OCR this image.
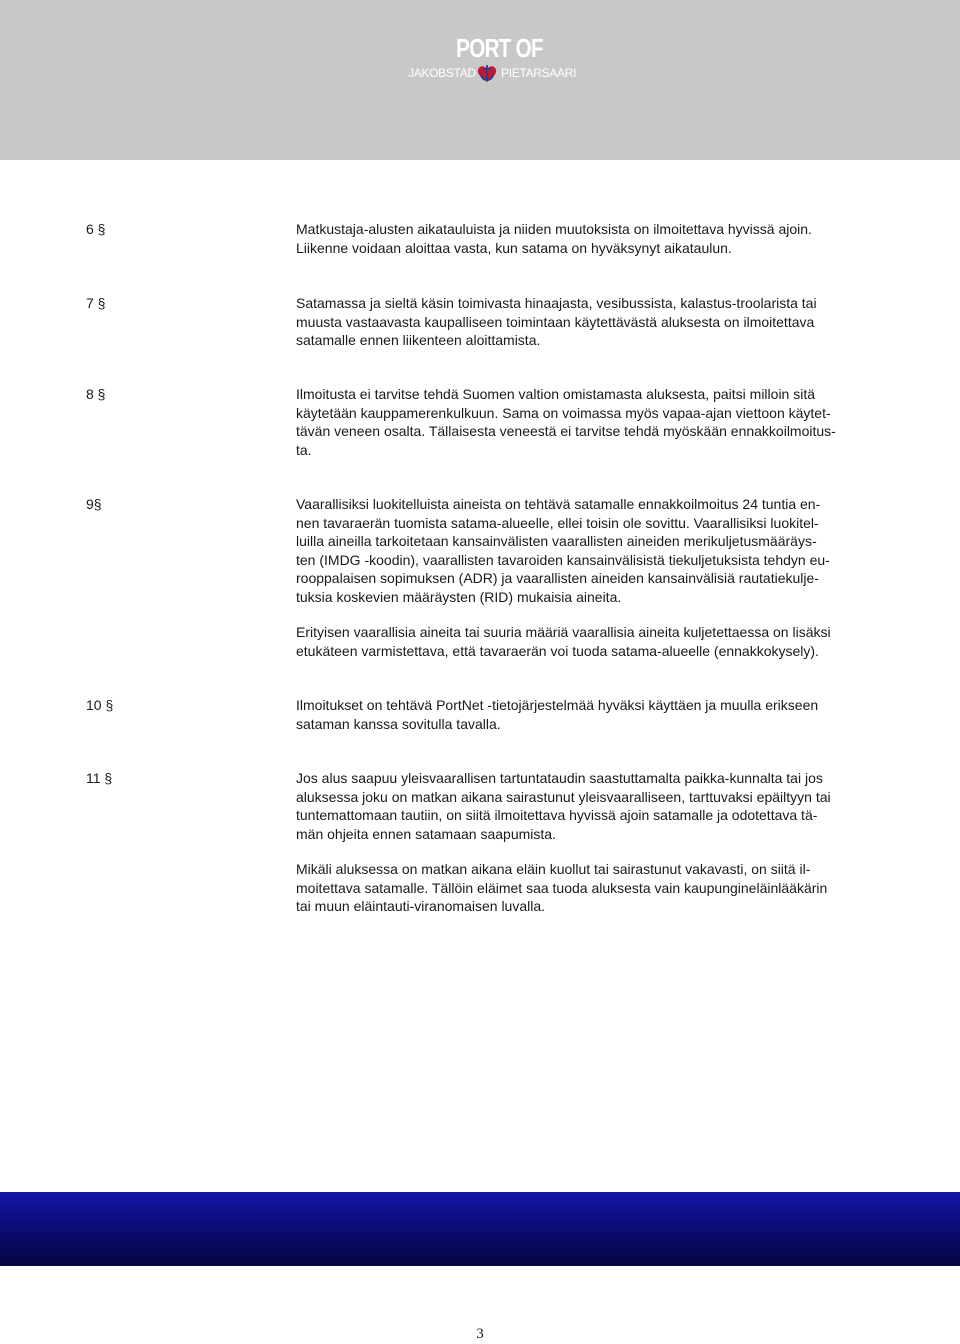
PORT OF
JAKOBSTAD PIETARSAARI
6 §	Matkustaja-alusten aikatauluista ja niiden muutoksista on ilmoitettava hyvissä ajoin.
Liikenne voidaan aloittaa vasta, kun satama on hyväksynyt aikataulun.
7 §	Satamassa ja sieltä käsin toimivasta hinaajasta, vesibussista, kalastus-troolarista tai
muusta vastaavasta kaupalliseen toimintaan käytettävästä aluksesta on ilmoitettava
satamalle ennen liikenteen aloittamista.
8 §	Ilmoitusta ei tarvitse tehdä Suomen valtion omistamasta aluksesta, paitsi milloin sitä
käytetään kauppamerenkulkuun. Sama on voimassa myös vapaa-ajan viettoon käytet-
tävän veneen osalta. Tällaisesta veneestä ei tarvitse tehdä myöskään ennakkoilmoitus-
ta.
9§	Vaarallisiksi luokitelluista aineista on tehtävä satamalle ennakkoilmoitus 24 tuntia en-
nen tavaraerän tuomista satama-alueelle, ellei toisin ole sovittu. Vaarallisiksi luokitel-
luilla aineilla tarkoitetaan kansainvälisten vaarallisten aineiden merikuljetusmääräys-
ten (IMDG -koodin), vaarallisten tavaroiden kansainvälisistä tiekuljetuksista tehdyn eu-
rooppalaisen sopimuksen (ADR) ja vaarallisten aineiden kansainvälisiä rautatiekulje-
tuksia koskevien määräysten (RID) mukaisia aineita.
Erityisen vaarallisia aineita tai suuria määriä vaarallisia aineita kuljetettaessa on lisäksi
etukäteen varmistettava, että tavaraerän voi tuoda satama-alueelle (ennakkokysely).
10 §	Ilmoitukset on tehtävä PortNet -tietojärjestelmää hyväksi käyttäen ja muulla erikseen
sataman kanssa sovitulla tavalla.
11 §	Jos alus saapuu yleisvaarallisen tartuntataudin saastuttamalta paikka-kunnalta tai jos
aluksessa joku on matkan aikana sairastunut yleisvaaralliseen, tarttuvaksi epäiltyyn tai
tuntemattomaan tautiin, on siitä ilmoitettava hyvissä ajoin satamalle ja odotettava tä-
män ohjeita ennen satamaan saapumista.
Mikäli aluksessa on matkan aikana eläin kuollut tai sairastunut vakavasti, on siitä il-
moitettava satamalle. Tällöin eläimet saa tuoda aluksesta vain kaupungineläinlääkärin
tai muun eläintauti-viranomaisen luvalla.
3
